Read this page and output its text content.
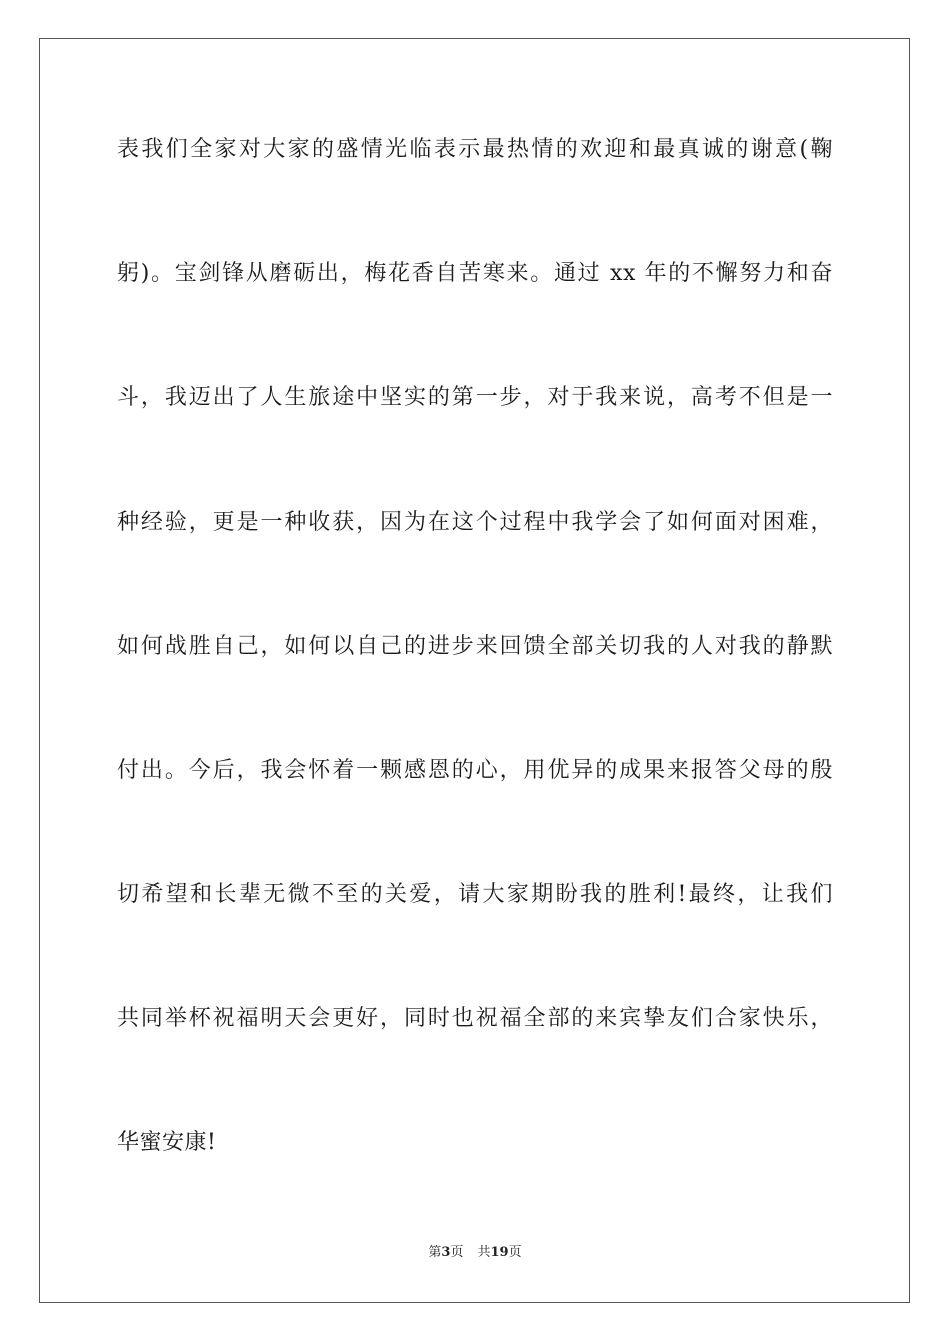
表我们全家对大家的盛情光临表示最热情的欢迎和最真诚的谢意(鞠
躬)。宝剑锋从磨砺出，梅花香自苦寒来。通过 xx 年的不懈努力和奋
斗，我迈出了人生旅途中坚实的第一步，对于我来说，高考不但是一
种经验，更是一种收获，因为在这个过程中我学会了如何面对困难，
如何战胜自己，如何以自己的进步来回馈全部关切我的人对我的静默
付出。今后，我会怀着一颗感恩的心，用优异的成果来报答父母的殷
切希望和长辈无微不至的关爱，请大家期盼我的胜利!最终，让我们
共同举杯祝福明天会更好，同时也祝福全部的来宾挚友们合家快乐，
华蜜安康!
第3页 共19页
